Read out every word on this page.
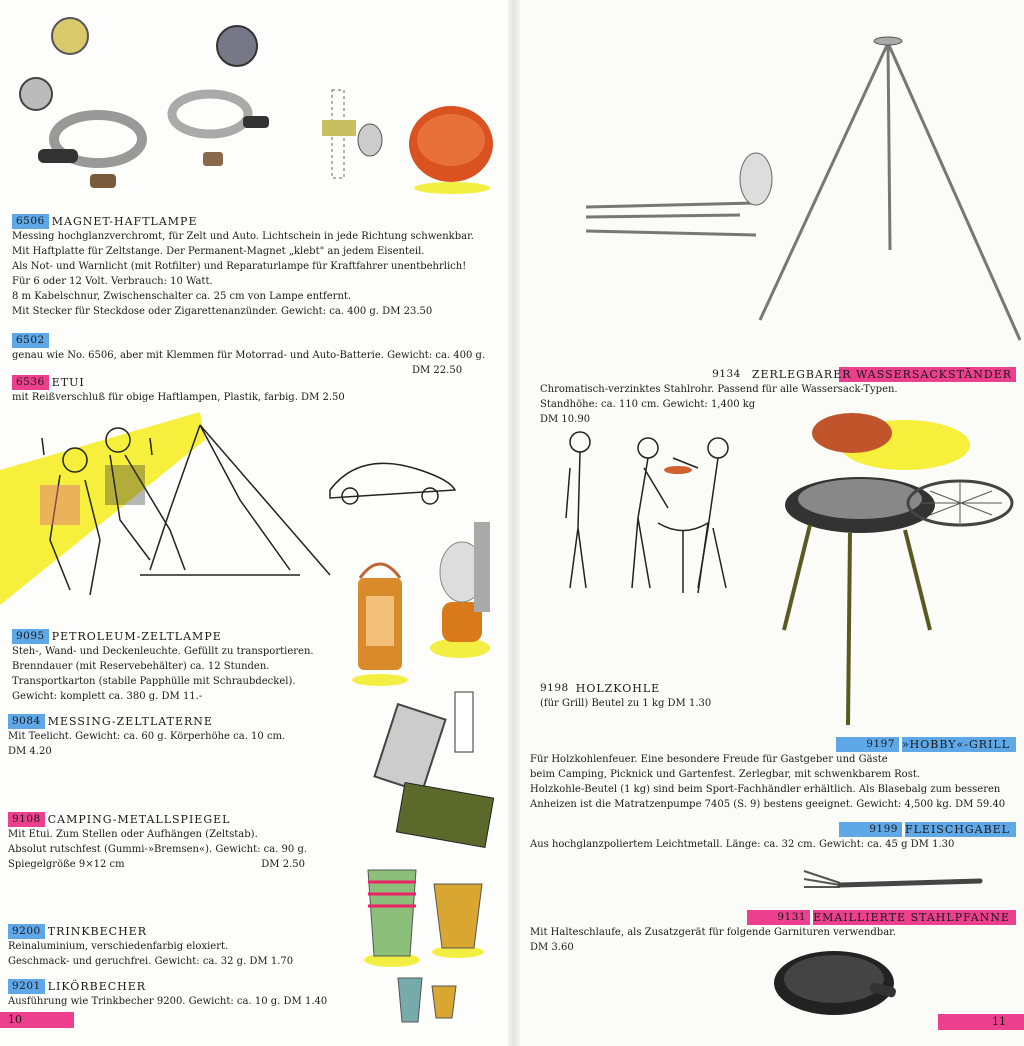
6506 MAGNET-HAFTLAMPE
Messing hochglanzverchromt, für Zelt und Auto. Lichtschein in jede Richtung schwenkbar.
Mit Haftplatte für Zeltstange. Der Permanent-Magnet „klebt" an jedem Eisenteil.
Als Not- und Warnlicht (mit Rotfilter) und Reparaturlampe für Kraftfahrer unentbehrlich!
Für 6 oder 12 Volt. Verbrauch: 10 Watt.
8 m Kabelschnur, Zwischenschalter ca. 25 cm von Lampe entfernt.
Mit Stecker für Steckdose oder Zigarettenanzünder. Gewicht: ca. 400 g. DM 23.50
6502
genau wie No. 6506, aber mit Klemmen für Motorrad- und Auto-Batterie. Gewicht: ca. 400 g.
DM 22.50
6536 ETUI
mit Reißverschluß für obige Haftlampen, Plastik, farbig. DM 2.50
9095 PETROLEUM-ZELTLAMPE
Steh-, Wand- und Deckenleuchte. Gefüllt zu transportieren.
Brenndauer (mit Reservebehälter) ca. 12 Stunden.
Transportkarton (stabile Papphülle mit Schraubdeckel).
Gewicht: komplett ca. 380 g. DM 11.-
9084 MESSING-ZELTLATERNE
Mit Teelicht. Gewicht: ca. 60 g. Körperhöhe ca. 10 cm.
DM 4.20
9108 CAMPING-METALLSPIEGEL
Mit Etui. Zum Stellen oder Aufhängen (Zeltstab).
Absolut rutschfest (Gummi-»Bremsen«). Gewicht: ca. 90 g.
Spiegelgröße 9×12 cm                                           DM 2.50
9200 TRINKBECHER
Reinaluminium, verschiedenfarbig eloxiert.
Geschmack- und geruchfrei. Gewicht: ca. 32 g. DM 1.70
9201 LIKÖRBECHER
Ausführung wie Trinkbecher 9200. Gewicht: ca. 10 g. DM 1.40
10
9134	ZERLEGBARER WASSERSACKSTÄNDER
Chromatisch-verzinktes Stahlrohr. Passend für alle Wassersack-Typen.
Standhöhe: ca. 110 cm. Gewicht: 1,400 kg
DM 10.90
9198 HOLZKOHLE
(für Grill) Beutel zu 1 kg DM 1.30
9197 »HOBBY«-GRILL
Für Holzkohlenfeuer. Eine besondere Freude für Gastgeber und Gäste
beim Camping, Picknick und Gartenfest. Zerlegbar, mit schwenkbarem Rost.
Holzkohle-Beutel (1 kg) sind beim Sport-Fachhändler erhältlich. Als Blasebalg zum besseren
Anheizen ist die Matratzenpumpe 7405 (S. 9) bestens geeignet. Gewicht: 4,500 kg. DM 59.40
9199 FLEISCHGABEL
Aus hochglanzpoliertem Leichtmetall. Länge: ca. 32 cm. Gewicht: ca. 45 g DM 1.30
9131 EMAILLIERTE STAHLPFANNE
Mit Halteschlaufe, als Zusatzgerät für folgende Garnituren verwendbar.
DM 3.60
11
